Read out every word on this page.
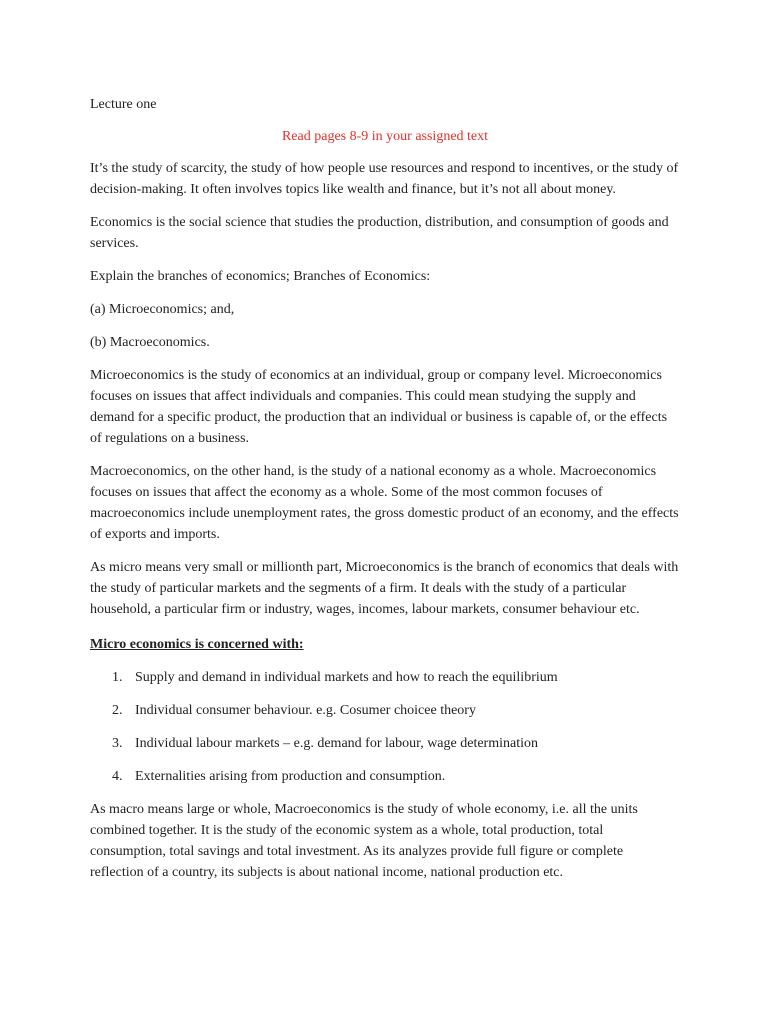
Lecture one

Read pages 8-9 in your assigned text

It’s the study of scarcity, the study of how people use resources and respond to incentives, or the study of decision-making. It often involves topics like wealth and finance, but it’s not all about money.

Economics is the social science that studies the production, distribution, and consumption of goods and services.

Explain the branches of economics; Branches of Economics:

(a) Microeconomics; and,

(b) Macroeconomics.

Microeconomics is the study of economics at an individual, group or company level. Microeconomics focuses on issues that affect individuals and companies. This could mean studying the supply and demand for a specific product, the production that an individual or business is capable of, or the effects of regulations on a business.

Macroeconomics, on the other hand, is the study of a national economy as a whole. Macroeconomics focuses on issues that affect the economy as a whole. Some of the most common focuses of macroeconomics include unemployment rates, the gross domestic product of an economy, and the effects of exports and imports.

As micro means very small or millionth part, Microeconomics is the branch of economics that deals with the study of particular markets and the segments of a firm. It deals with the study of a particular household, a particular firm or industry, wages, incomes, labour markets, consumer behaviour etc.

Micro economics is concerned with:

1. Supply and demand in individual markets and how to reach the equilibrium
2. Individual consumer behaviour. e.g. Cosumer choicee theory
3. Individual labour markets – e.g. demand for labour, wage determination
4. Externalities arising from production and consumption.

As macro means large or whole, Macroeconomics is the study of whole economy, i.e. all the units combined together. It is the study of the economic system as a whole, total production, total consumption, total savings and total investment. As its analyzes provide full figure or complete reflection of a country, its subjects is about national income, national production etc.
